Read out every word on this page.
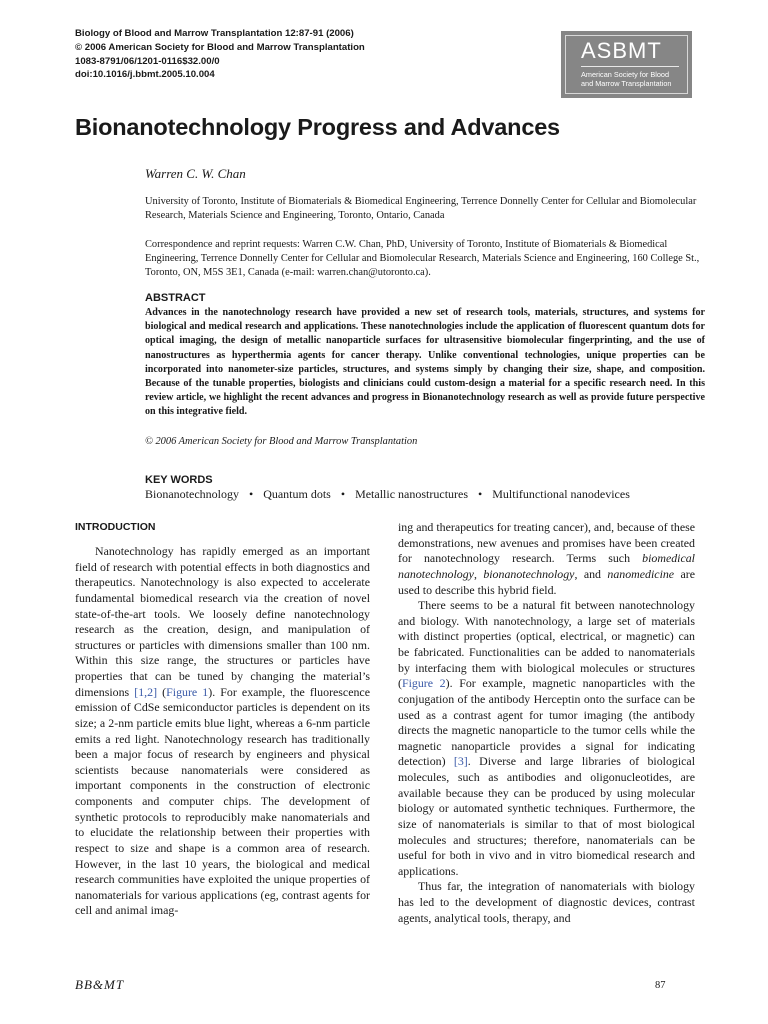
Biology of Blood and Marrow Transplantation 12:87-91 (2006)
© 2006 American Society for Blood and Marrow Transplantation
1083-8791/06/1201-0116$32.00/0
doi:10.1016/j.bbmt.2005.10.004
ASBMT
American Society for Blood
and Marrow Transplantation
Bionanotechnology Progress and Advances
Warren C. W. Chan
University of Toronto, Institute of Biomaterials & Biomedical Engineering, Terrence Donnelly Center for Cellular and Biomolecular Research, Materials Science and Engineering, Toronto, Ontario, Canada
Correspondence and reprint requests: Warren C.W. Chan, PhD, University of Toronto, Institute of Biomaterials & Biomedical Engineering, Terrence Donnelly Center for Cellular and Biomolecular Research, Materials Science and Engineering, 160 College St., Toronto, ON, M5S 3E1, Canada (e-mail: warren.chan@utoronto.ca).
ABSTRACT
Advances in the nanotechnology research have provided a new set of research tools, materials, structures, and systems for biological and medical research and applications. These nanotechnologies include the application of fluorescent quantum dots for optical imaging, the design of metallic nanoparticle surfaces for ultrasensitive biomolecular fingerprinting, and the use of nanostructures as hyperthermia agents for cancer therapy. Unlike conventional technologies, unique properties can be incorporated into nanometer-size particles, structures, and systems simply by changing their size, shape, and composition. Because of the tunable properties, biologists and clinicians could custom-design a material for a specific research need. In this review article, we highlight the recent advances and progress in Bionanotechnology research as well as provide future perspective on this integrative field.
© 2006 American Society for Blood and Marrow Transplantation
KEY WORDS
Bionanotechnology • Quantum dots • Metallic nanostructures • Multifunctional nanodevices
INTRODUCTION

Nanotechnology has rapidly emerged as an important field of research with potential effects in both diagnostics and therapeutics. Nanotechnology is also expected to accelerate fundamental biomedical research via the creation of novel state-of-the-art tools. We loosely define nanotechnology research as the creation, design, and manipulation of structures or particles with dimensions smaller than 100 nm. Within this size range, the structures or particles have properties that can be tuned by changing the material’s dimensions [1,2] (Figure 1). For example, the fluorescence emission of CdSe semiconductor particles is dependent on its size; a 2-nm particle emits blue light, whereas a 6-nm particle emits a red light. Nanotechnology research has traditionally been a major focus of research by engineers and physical scientists because nanomaterials were considered as important components in the construction of electronic components and computer chips. The development of synthetic protocols to reproducibly make nanomaterials and to elucidate the relationship between their properties with respect to size and shape is a common area of research. However, in the last 10 years, the biological and medical research communities have exploited the unique properties of nanomaterials for various applications (eg, contrast agents for cell and animal imag-

ing and therapeutics for treating cancer), and, because of these demonstrations, new avenues and promises have been created for nanotechnology research. Terms such biomedical nanotechnology, bionanotechnology, and nanomedicine are used to describe this hybrid field.

There seems to be a natural fit between nanotechnology and biology. With nanotechnology, a large set of materials with distinct properties (optical, electrical, or magnetic) can be fabricated. Functionalities can be added to nanomaterials by interfacing them with biological molecules or structures (Figure 2). For example, magnetic nanoparticles with the conjugation of the antibody Herceptin onto the surface can be used as a contrast agent for tumor imaging (the antibody directs the magnetic nanoparticle to the tumor cells while the magnetic nanoparticle provides a signal for indicating detection) [3]. Diverse and large libraries of biological molecules, such as antibodies and oligonucleotides, are available because they can be produced by using molecular biology or automated synthetic techniques. Furthermore, the size of nanomaterials is similar to that of most biological molecules and structures; therefore, nanomaterials can be useful for both in vivo and in vitro biomedical research and applications.

Thus far, the integration of nanomaterials with biology has led to the development of diagnostic devices, contrast agents, analytical tools, therapy, and

BB&MT	87
